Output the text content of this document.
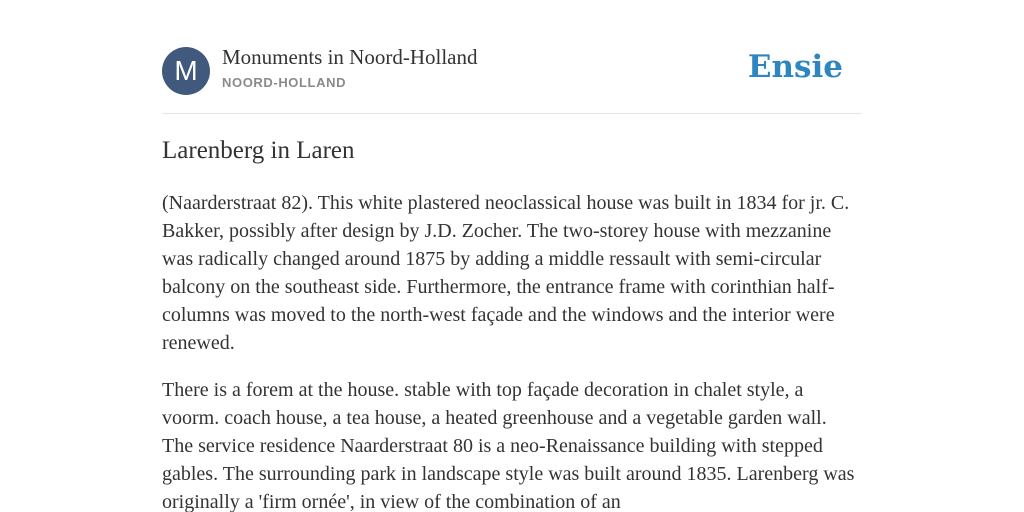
M	Monuments in Noord-Holland
NOORD-HOLLAND	Ensie
Larenberg in Laren

(Naarderstraat 82). This white plastered neoclassical house was built in 1834 for jr. C. Bakker, possibly after design by J.D. Zocher. The two-storey house with mezzanine was radically changed around 1875 by adding a middle ressault with semi-circular balcony on the southeast side. Furthermore, the entrance frame with corinthian half-columns was moved to the north-west façade and the windows and the interior were renewed.

There is a forem at the house. stable with top façade decoration in chalet style, a voorm. coach house, a tea house, a heated greenhouse and a vegetable garden wall. The service residence Naarderstraat 80 is a neo-Renaissance building with stepped gables. The surrounding park in landscape style was built around 1835. Larenberg was originally a 'firm ornée', in view of the combination of an
